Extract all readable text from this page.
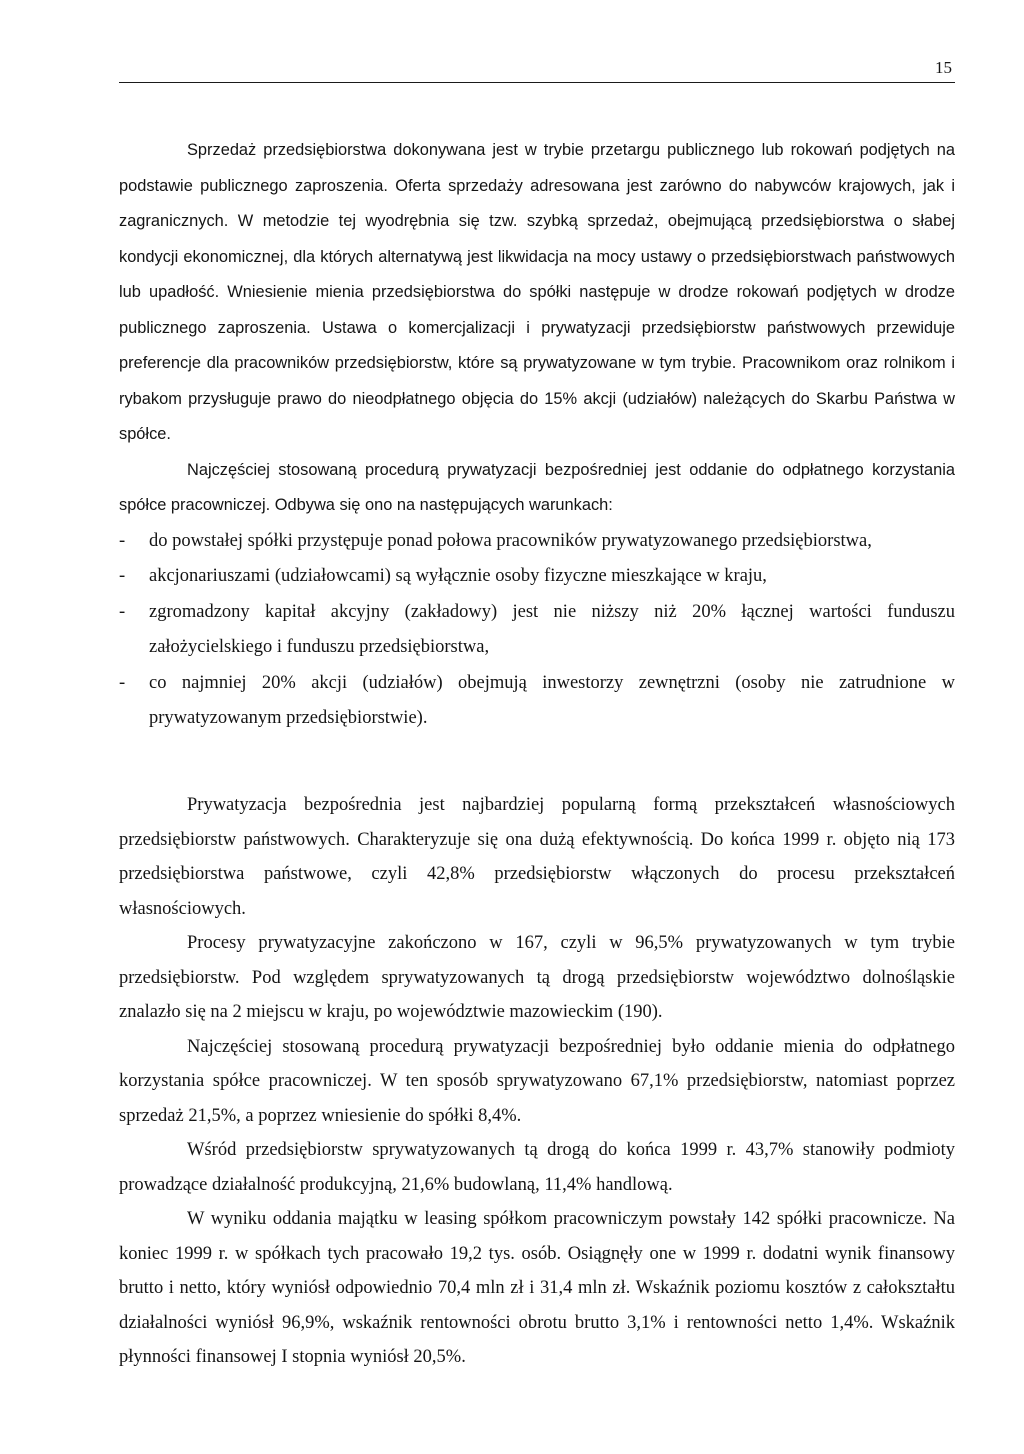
15

Sprzedaż przedsiębiorstwa dokonywana jest w trybie przetargu publicznego lub rokowań podjętych na podstawie publicznego zaproszenia. Oferta sprzedaży adresowana jest zarówno do nabywców krajowych, jak i zagranicznych. W metodzie tej wyodrębnia się tzw. szybką sprzedaż, obejmującą przedsiębiorstwa o słabej kondycji ekonomicznej, dla których alternatywą jest likwidacja na mocy ustawy o przedsiębiorstwach państwowych lub upadłość. Wniesienie mienia przedsiębiorstwa do spółki następuje w drodze rokowań podjętych w drodze publicznego zaproszenia. Ustawa o komercjalizacji i prywatyzacji przedsiębiorstw państwowych przewiduje preferencje dla pracowników przedsiębiorstw, które są prywatyzowane w tym trybie. Pracownikom oraz rolnikom i rybakom przysługuje prawo do nieodpłatnego objęcia do 15% akcji (udziałów) należących do Skarbu Państwa w spółce.

Najczęściej stosowaną procedurą prywatyzacji bezpośredniej jest oddanie do odpłatnego korzystania spółce pracowniczej. Odbywa się ono na następujących warunkach:

- do powstałej spółki przystępuje ponad połowa pracowników prywatyzowanego przedsiębiorstwa,
- akcjonariuszami (udziałowcami) są wyłącznie osoby fizyczne mieszkające w kraju,
- zgromadzony kapitał akcyjny (zakładowy) jest nie niższy niż 20% łącznej wartości funduszu założycielskiego i funduszu przedsiębiorstwa,
- co najmniej 20% akcji (udziałów) obejmują inwestorzy zewnętrzni (osoby nie zatrudnione w prywatyzowanym przedsiębiorstwie).

Prywatyzacja bezpośrednia jest najbardziej popularną formą przekształceń własnościowych przedsiębiorstw państwowych. Charakteryzuje się ona dużą efektywnością. Do końca 1999 r. objęto nią 173 przedsiębiorstwa państwowe, czyli 42,8% przedsiębiorstw włączonych do procesu przekształceń własnościowych.

Procesy prywatyzacyjne zakończono w 167, czyli w 96,5% prywatyzowanych w tym trybie przedsiębiorstw. Pod względem sprywatyzowanych tą drogą przedsiębiorstw województwo dolnośląskie znalazło się na 2 miejscu w kraju, po województwie mazowieckim (190).

Najczęściej stosowaną procedurą prywatyzacji bezpośredniej było oddanie mienia do odpłatnego korzystania spółce pracowniczej. W ten sposób sprywatyzowano 67,1% przedsiębiorstw, natomiast poprzez sprzedaż 21,5%, a poprzez wniesienie do spółki 8,4%.

Wśród przedsiębiorstw sprywatyzowanych tą drogą do końca 1999 r. 43,7% stanowiły podmioty prowadzące działalność produkcyjną, 21,6% budowlaną, 11,4% handlową.

W wyniku oddania majątku w leasing spółkom pracowniczym powstały 142 spółki pracownicze. Na koniec 1999 r. w spółkach tych pracowało 19,2 tys. osób. Osiągnęły one w 1999 r. dodatni wynik finansowy brutto i netto, który wyniósł odpowiednio 70,4 mln zł i 31,4 mln zł. Wskaźnik poziomu kosztów z całokształtu działalności wyniósł 96,9%, wskaźnik rentowności obrotu brutto 3,1% i rentowności netto 1,4%. Wskaźnik płynności finansowej I stopnia wyniósł 20,5%.
